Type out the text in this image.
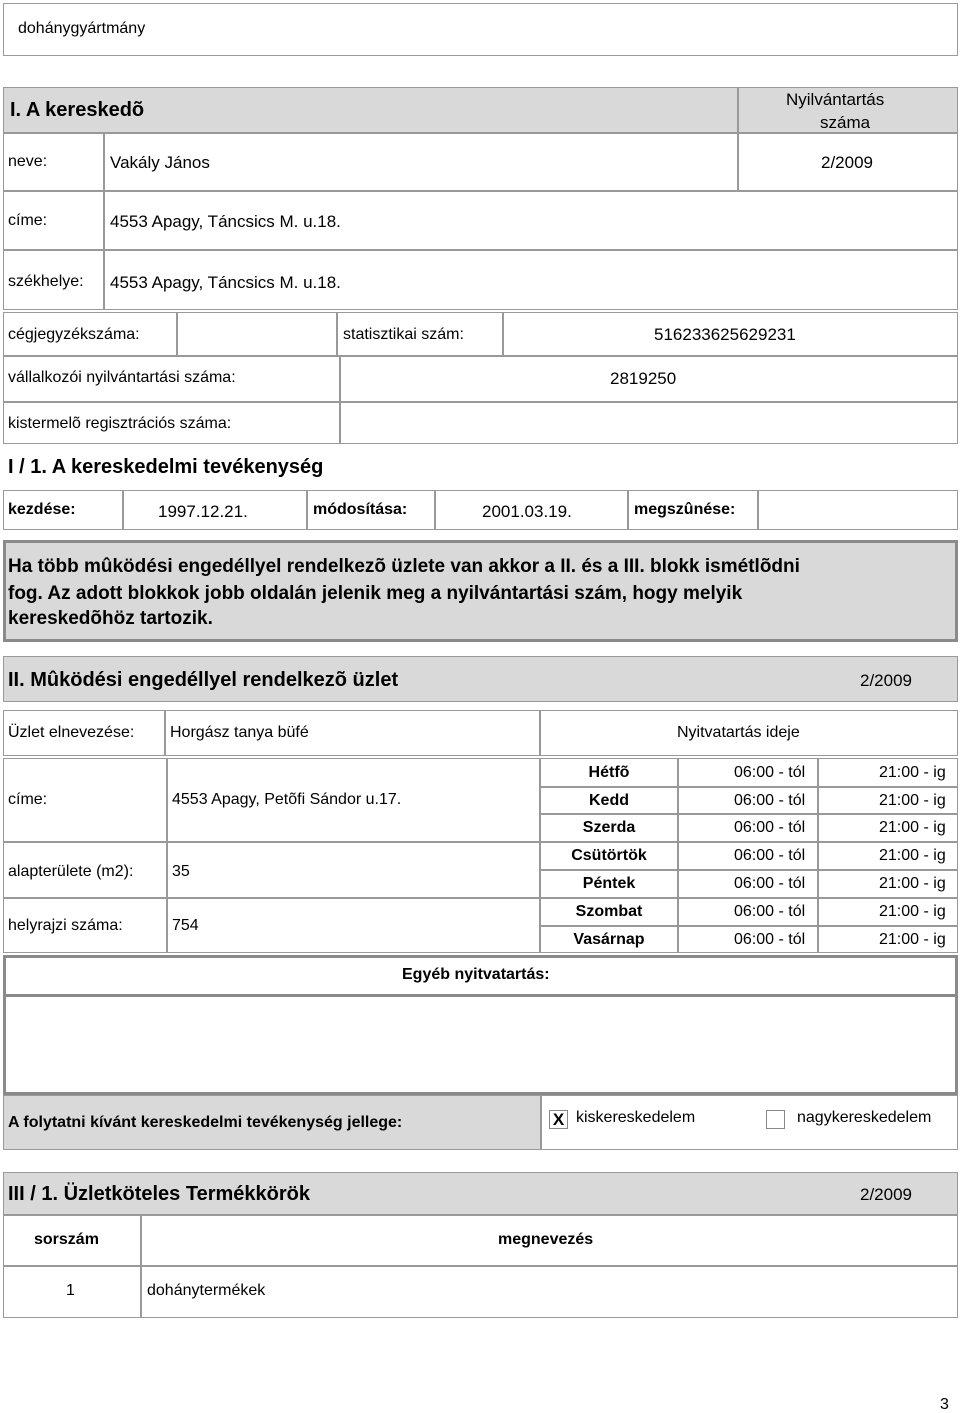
dohánygyártmány
I. A kereskedõ	Nyilvántartás
száma
neve:	Vakály János	2/2009
címe:	4553 Apagy, Táncsics M. u.18.
székhelye: 4553 Apagy, Táncsics M. u.18.
cégjegyzékszáma:	statisztikai szám:	516233625629231
vállalkozói nyilvántartási száma:	2819250
kistermelõ regisztrációs száma:
I / 1. A kereskedelmi tevékenység
kezdése:	1997.12.21.	módosítása:	2001.03.19.	megszûnése:
Ha több mûködési engedéllyel rendelkezõ üzlete van akkor a II. és a III. blokk ismétlõdni
fog. Az adott blokkok jobb oldalán jelenik meg a nyilvántartási szám, hogy melyik
kereskedõhöz tartozik.
II. Mûködési engedéllyel rendelkezõ üzlet	2/2009
Üzlet elnevezése: Horgász tanya büfé	Nyitvatartás ideje
címe:	4553 Apagy, Petõfi Sándor u.17.
alapterülete (m2): 35
helyrajzi száma:	754
Hétfõ	06:00 - tól	21:00 - ig
Kedd	06:00 - tól	21:00 - ig
Szerda	06:00 - tól	21:00 - ig
Csütörtök	06:00 - tól	21:00 - ig
Péntek	06:00 - tól	21:00 - ig
Szombat	06:00 - tól	21:00 - ig
Vasárnap	06:00 - tól	21:00 - ig
Egyéb nyitvatartás:
A folytatni kívánt kereskedelmi tevékenység jellege:	X kiskereskedelem	nagykereskedelem
III / 1. Üzletköteles Termékkörök	2/2009
sorszám	megnevezés
1	dohánytermékek
3
